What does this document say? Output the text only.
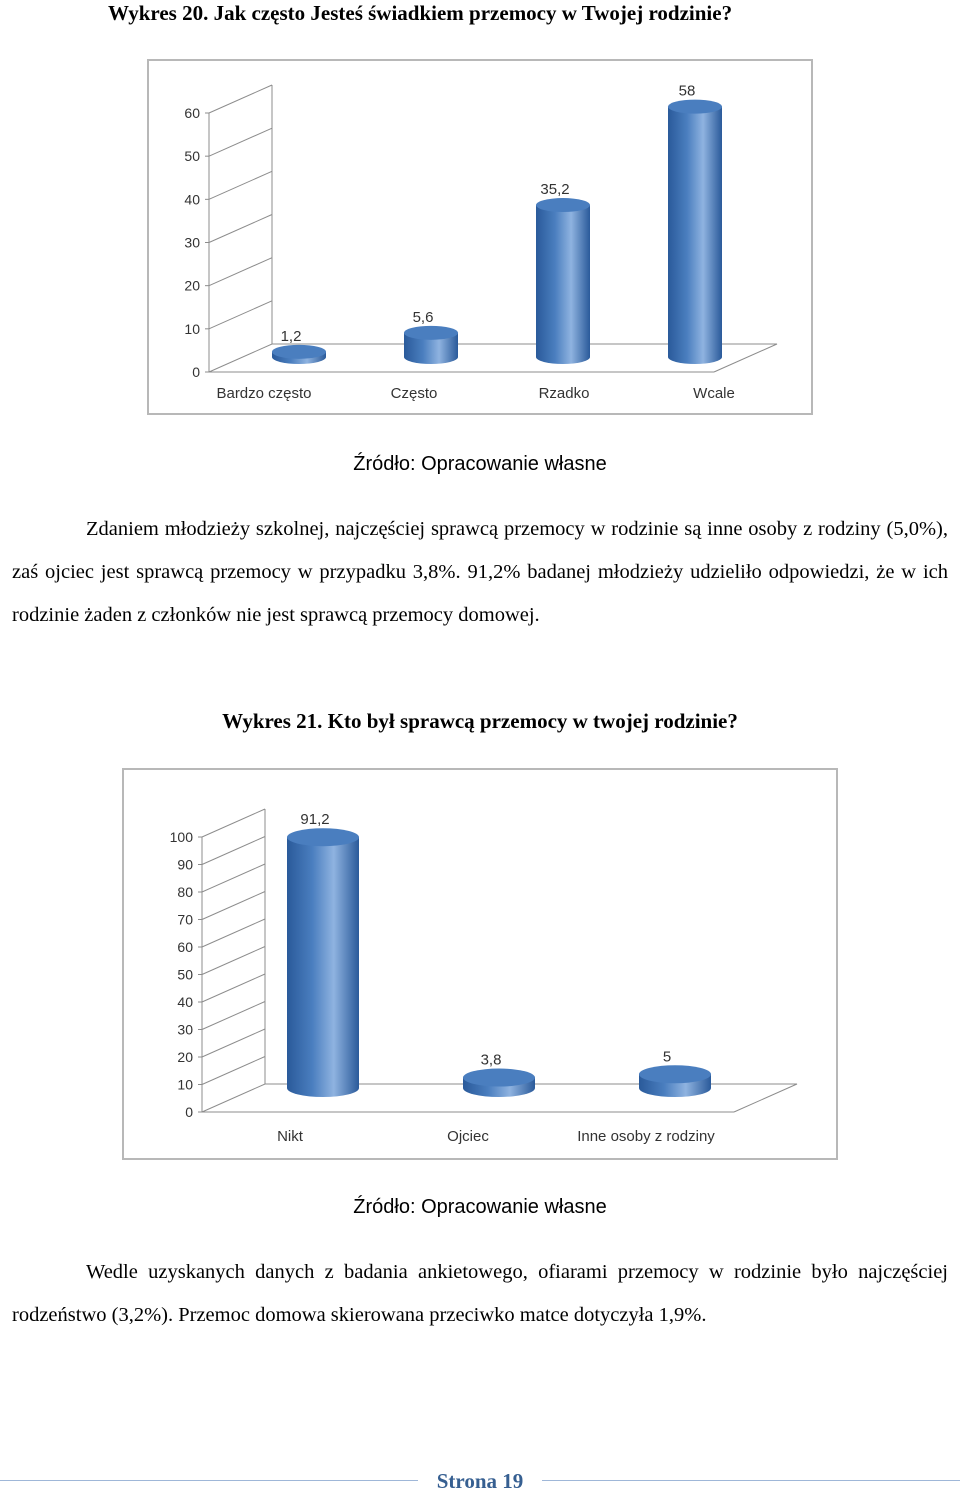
Wykres 20. Jak często Jesteś świadkiem przemocy w Twojej rodzinie?
0
10
20
30
40
50
60
1,2
Bardzo często
5,6
Często
35,2
Rzadko
58
Wcale
Źródło: Opracowanie własne

Zdaniem młodzieży szkolnej, najczęściej sprawcą przemocy w rodzinie są inne osoby z rodziny (5,0%), zaś ojciec jest sprawcą przemocy w przypadku 3,8%. 91,2% badanej młodzieży udzieliło odpowiedzi, że w ich rodzinie żaden z członków nie jest sprawcą przemocy domowej.

Wykres 21. Kto był sprawcą przemocy w twojej rodzinie?
0
10
20
30
40
50
60
70
80
90
100
91,2
Nikt
3,8
Ojciec
5
Inne osoby z rodziny
Źródło: Opracowanie własne

Wedle uzyskanych danych z badania ankietowego, ofiarami przemocy w rodzinie było najczęściej rodzeństwo (3,2%). Przemoc domowa skierowana przeciwko matce dotyczyła 1,9%.

Strona 19
